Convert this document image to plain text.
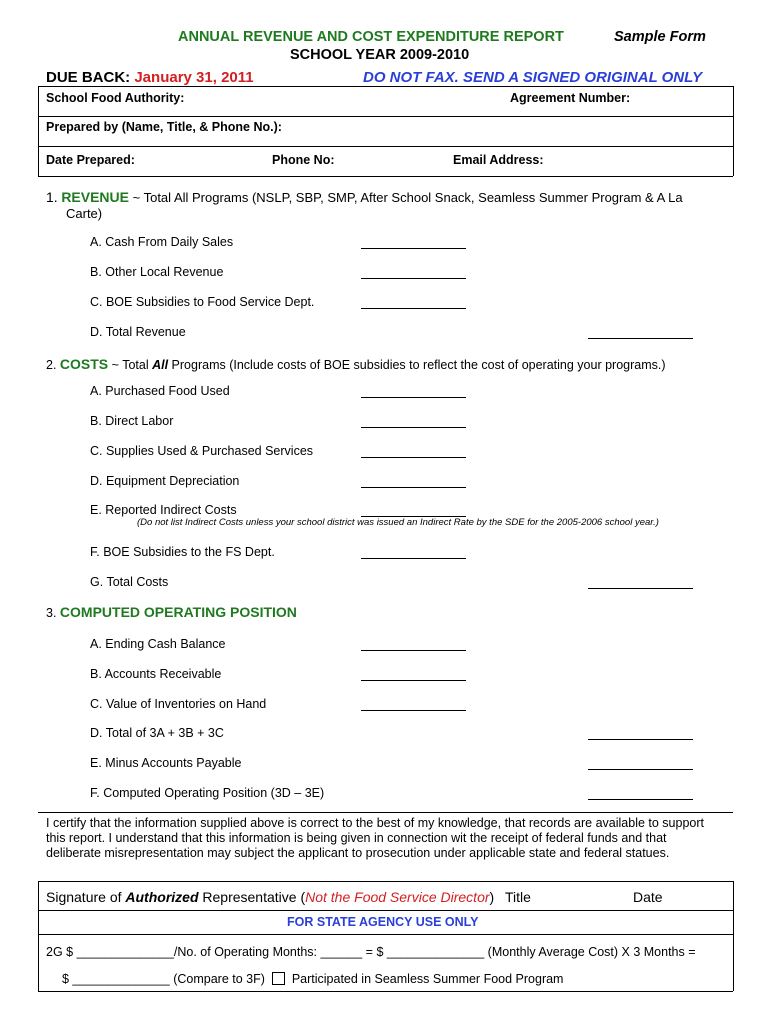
ANNUAL REVENUE AND COST EXPENDITURE REPORT	Sample Form
SCHOOL YEAR 2009-2010
DUE BACK: January 31, 2011	DO NOT FAX. SEND A SIGNED ORIGINAL ONLY
School Food Authority:	Agreement Number:
Prepared by (Name, Title, & Phone No.):
Date Prepared:	Phone No:	Email Address:
1. REVENUE ~ Total All Programs (NSLP, SBP, SMP, After School Snack, Seamless Summer Program & A La
Carte)
A. Cash From Daily Sales
B. Other Local Revenue
C. BOE Subsidies to Food Service Dept.
D. Total Revenue
2. COSTS ~ Total All Programs (Include costs of BOE subsidies to reflect the cost of operating your programs.)
A. Purchased Food Used
B. Direct Labor
C. Supplies Used & Purchased Services
D. Equipment Depreciation
E. Reported Indirect Costs
(Do not list Indirect Costs unless your school district was issued an Indirect Rate by the SDE for the 2005-2006 school year.)
F. BOE Subsidies to the FS Dept.
G. Total Costs
3. COMPUTED OPERATING POSITION
A. Ending Cash Balance
B. Accounts Receivable
C. Value of Inventories on Hand
D. Total of 3A + 3B + 3C
E. Minus Accounts Payable
F. Computed Operating Position (3D – 3E)
I certify that the information supplied above is correct to the best of my knowledge, that records are available to support
this report. I understand that this information is being given in connection wit the receipt of federal funds and that
deliberate misrepresentation may subject the applicant to prosecution under applicable state and federal statues.
Signature of Authorized Representative (Not the Food Service Director) Title	Date
FOR STATE AGENCY USE ONLY
2G $ ______________/No. of Operating Months: ______ = $ ______________ (Monthly Average Cost) X 3 Months =
$ ______________ (Compare to 3F) Participated in Seamless Summer Food Program
